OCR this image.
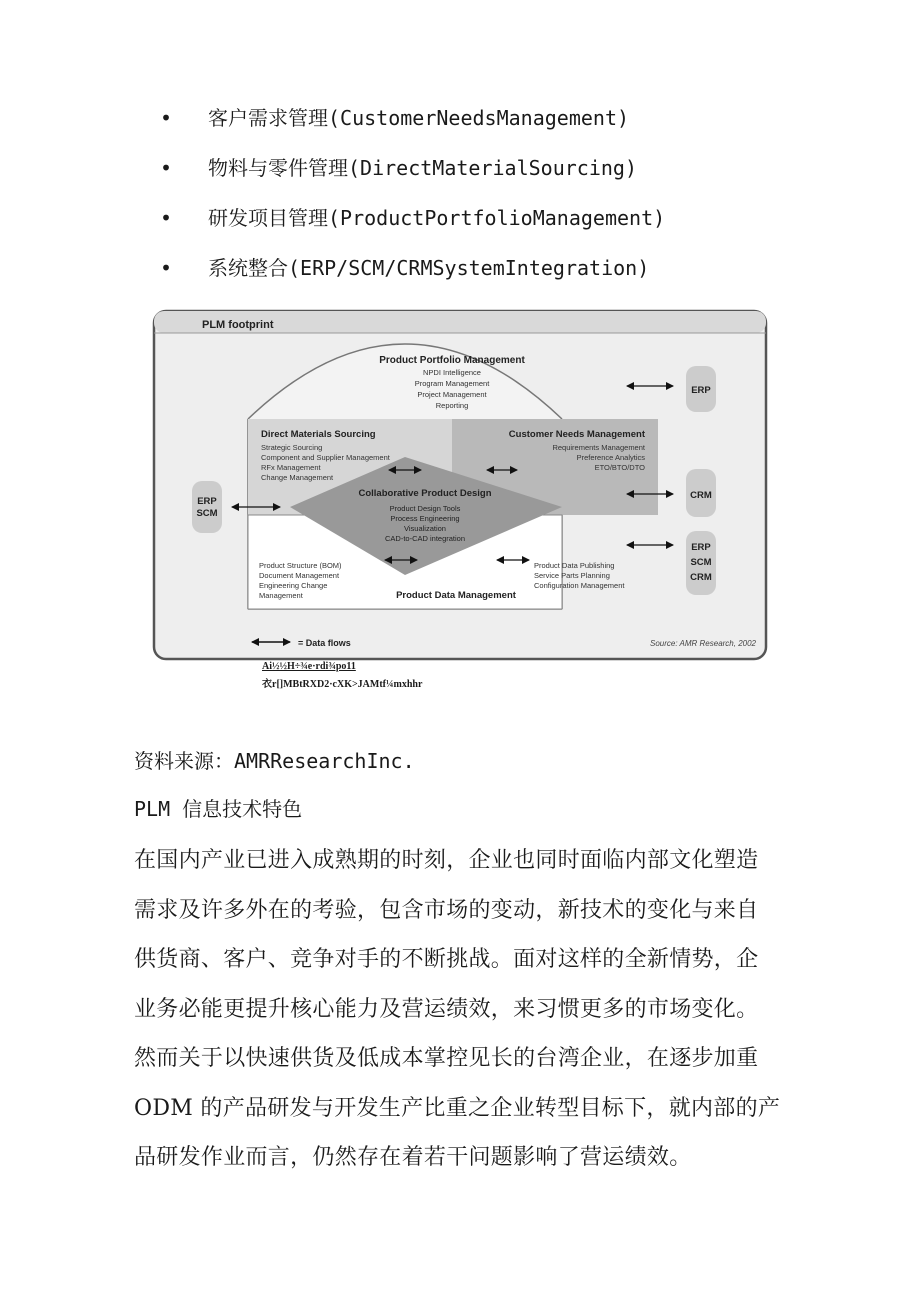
• 客户需求管理(CustomerNeedsManagement)
• 物料与零件管理(DirectMaterialSourcing)
• 研发项目管理(ProductPortfolioManagement)
• 系统整合(ERP/SCM/CRMSystemIntegration)
PLM footprint
Product Portfolio Management
NPDI Intelligence
Program Management
Project Management
Reporting
Direct Materials Sourcing
Strategic Sourcing
Component and Supplier Management
RFx Management
Change Management
Customer Needs Management
Requirements Management
Preference Analytics
ETO/BTO/DTO
Collaborative Product Design
Product Design Tools
Process Engineering
Visualization
CAD-to-CAD integration
Product Structure (BOM)
Document Management
Engineering Change
Management
Product Data Publishing
Service Parts Planning
Configuration Management
Product Data Management
ERP
ERP
SCM
CRM
ERP
SCM
CRM
= Data flows	Source: AMR Research, 2002
Ai½½H÷¾e·rdi¾po11
衣r[]MBtRXD2·cXK>JAMtf¼mxhhr
资料来源：AMRResearchInc.
PLM 信息技术特色

在国内产业已进入成熟期的时刻，企业也同时面临内部文化塑造
需求及许多外在的考验，包含市场的变动，新技术的变化与来自
供货商、客户、竞争对手的不断挑战。面对这样的全新情势，企
业务必能更提升核心能力及营运绩效，来习惯更多的市场变化。
然而关于以快速供货及低成本掌控见长的台湾企业，在逐步加重
ODM 的产品研发与开发生产比重之企业转型目标下，就内部的产
品研发作业而言，仍然存在着若干问题影响了营运绩效。
